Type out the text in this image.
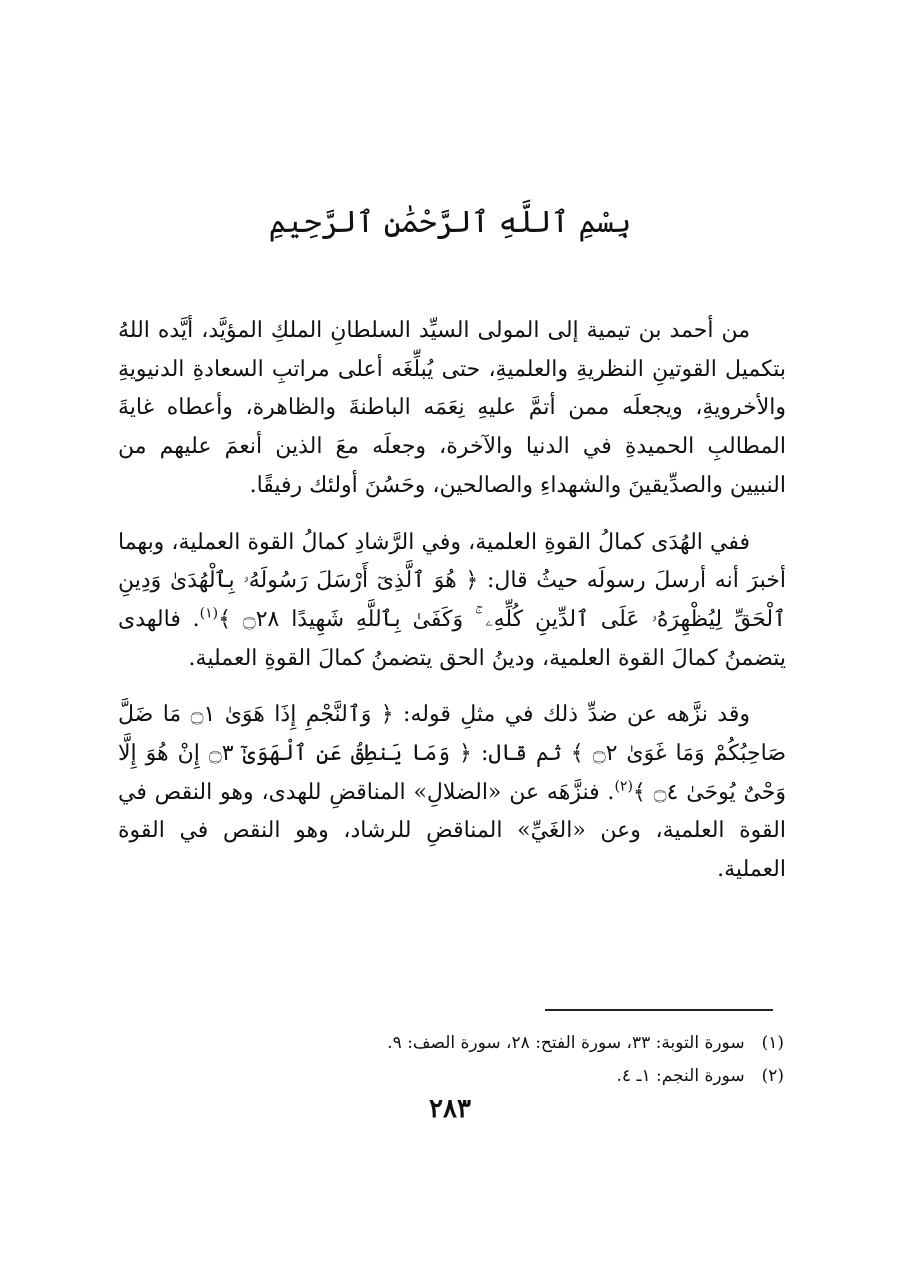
بِسْمِ ٱللَّهِ ٱلرَّحْمَٰنِ ٱلرَّحِيمِ

من أحمد بن تيمية إلى المولى السيِّد السلطانِ الملكِ المؤيَّد، أيَّده اللهُ بتكميل القوتينِ النظريةِ والعلميةِ، حتى يُبلِّغَه أعلى مراتبِ السعادةِ الدنيويةِ والأخرويةِ، ويجعلَه ممن أتمَّ عليهِ نِعَمَه الباطنةَ والظاهرة، وأعطاه غايةَ المطالبِ الحميدةِ في الدنيا والآخرة، وجعلَه معَ الذين أنعمَ عليهم من النبيين والصدِّيقينَ والشهداءِ والصالحين، وحَسُنَ أولئك رفيقًا.

ففي الهُدَى كمالُ القوةِ العلمية، وفي الرَّشادِ كمالُ القوة العملية، وبهما أخبرَ أنه أرسلَ رسولَه حيثُ قال: ﴿ هُوَ ٱلَّذِىٓ أَرْسَلَ رَسُولَهُۥ بِٱلْهُدَىٰ وَدِينِ ٱلْحَقِّ لِيُظْهِرَهُۥ عَلَى ٱلدِّينِ كُلِّهِۦ ۚ وَكَفَىٰ بِٱللَّهِ شَهِيدًا ۝٢٨ ﴾$^{(١)}$. فالهدى يتضمنُ كمالَ القوة العلمية، ودينُ الحق يتضمنُ كمالَ القوةِ العملية.

وقد نزَّهه عن ضدِّ ذلك في مثلِ قوله: ﴿ وَٱلنَّجْمِ إِذَا هَوَىٰ ۝١ مَا ضَلَّ صَاحِبُكُمْ وَمَا غَوَىٰ ۝٢ ﴾ ثم قال: ﴿ وَمَا يَنطِقُ عَنِ ٱلْهَوَىٰٓ ۝٣ إِنْ هُوَ إِلَّا وَحْىٌ يُوحَىٰ ۝٤ ﴾$^{(٢)}$. فنزَّهَه عن «الضلالِ» المناقضِ للهدى، وهو النقص في القوة العلمية، وعن «الغَيِّ» المناقضِ للرشاد، وهو النقص في القوة العملية.

(١) سورة التوبة: ٣٣، سورة الفتح: ٢٨، سورة الصف: ٩.

(٢) سورة النجم: ١ـ ٤.

٢٨٣
